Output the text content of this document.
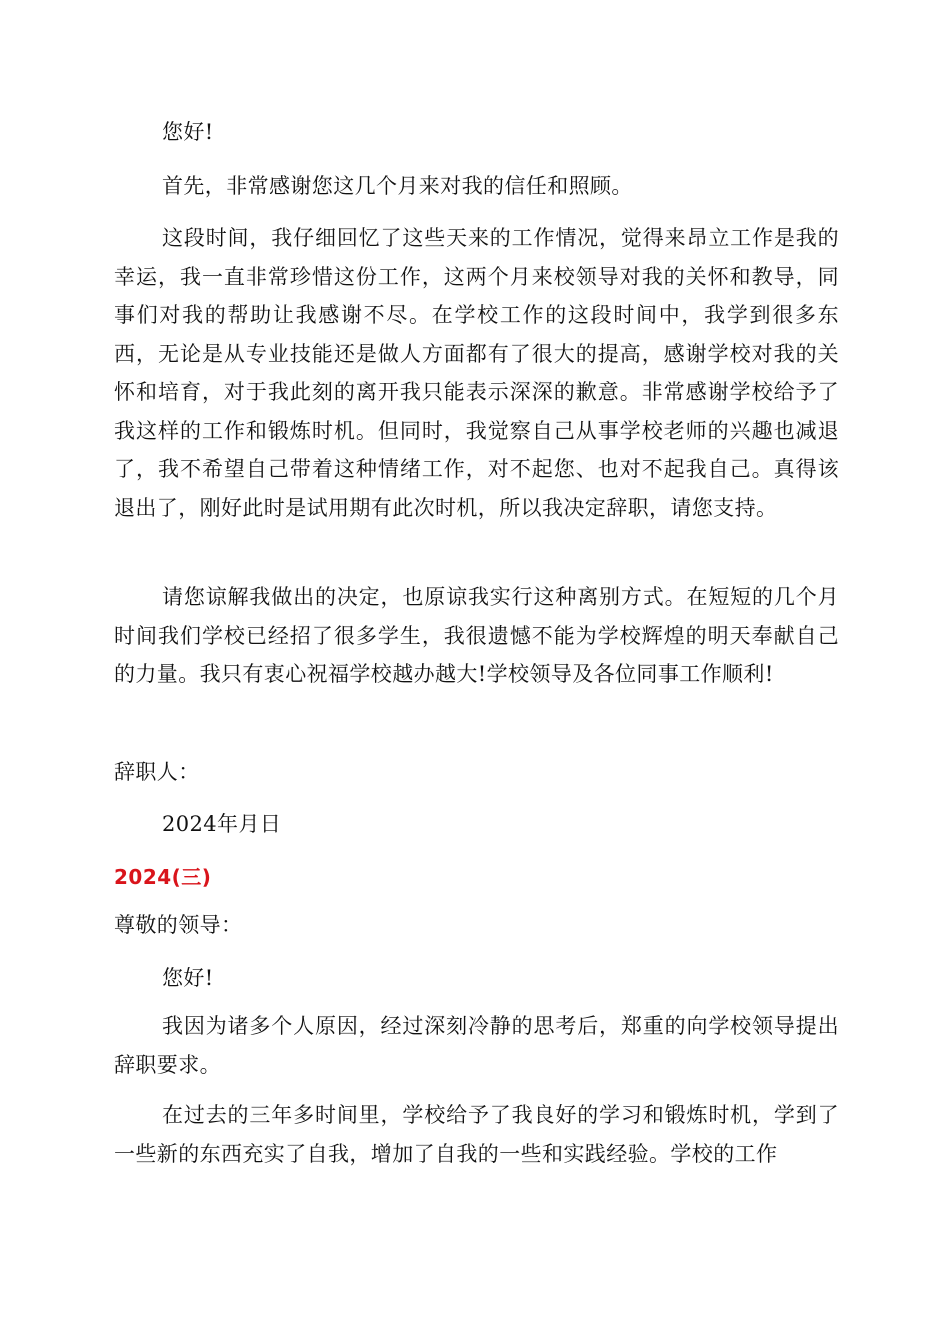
您好!
首先，非常感谢您这几个月来对我的信任和照顾。
这段时间，我仔细回忆了这些天来的工作情况，觉得来昂立工作是我的幸运，我一直非常珍惜这份工作，这两个月来校领导对我的关怀和教导，同事们对我的帮助让我感谢不尽。在学校工作的这段时间中，我学到很多东西，无论是从专业技能还是做人方面都有了很大的提高，感谢学校对我的关怀和培育，对于我此刻的离开我只能表示深深的歉意。非常感谢学校给予了我这样的工作和锻炼时机。但同时，我觉察自己从事学校老师的兴趣也减退了，我不希望自己带着这种情绪工作，对不起您、也对不起我自己。真得该退出了，刚好此时是试用期有此次时机，所以我决定辞职，请您支持。
请您谅解我做出的决定，也原谅我实行这种离别方式。在短短的几个月时间我们学校已经招了很多学生，我很遗憾不能为学校辉煌的明天奉献自己的力量。我只有衷心祝福学校越办越大!学校领导及各位同事工作顺利!
辞职人：
2024年月日
2024(三)
尊敬的领导：
您好!
我因为诸多个人原因，经过深刻冷静的思考后，郑重的向学校领导提出辞职要求。
在过去的三年多时间里，学校给予了我良好的学习和锻炼时机，学到了一些新的东西充实了自我，增加了自我的一些和实践经验。学校的工作
